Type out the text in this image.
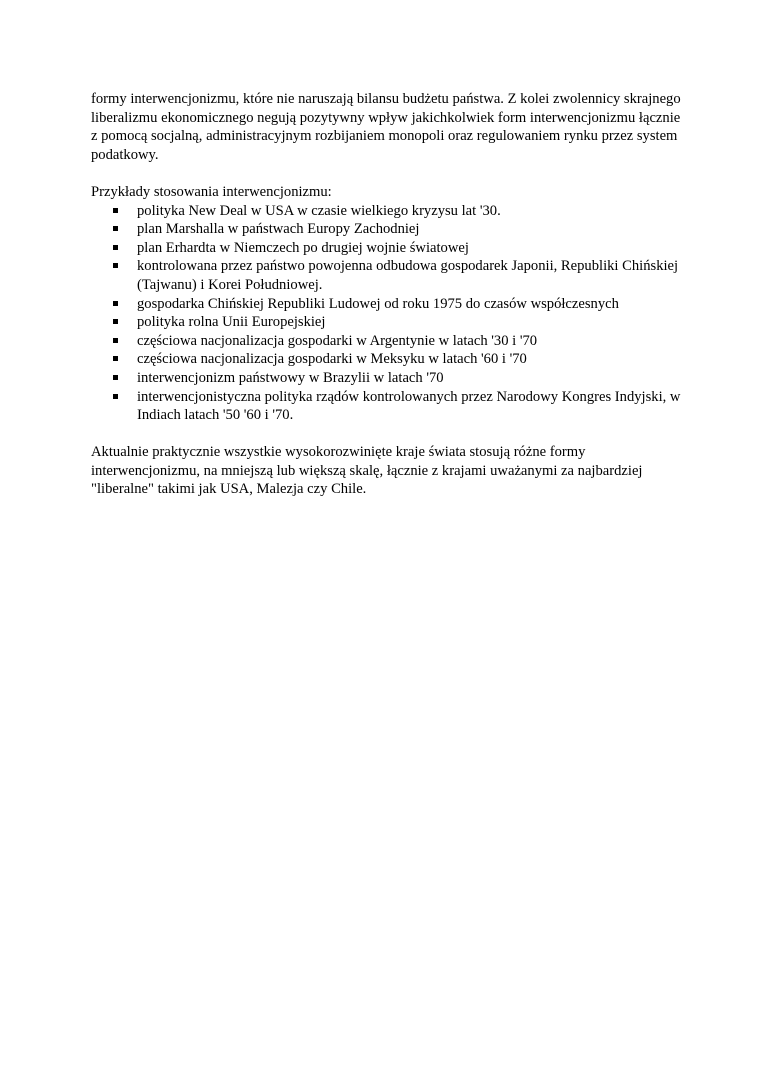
formy interwencjonizmu, które nie naruszają bilansu budżetu państwa. Z kolei zwolennicy skrajnego liberalizmu ekonomicznego negują pozytywny wpływ jakichkolwiek form interwencjonizmu łącznie z pomocą socjalną, administracyjnym rozbijaniem monopoli oraz regulowaniem rynku przez system podatkowy.

Przykłady stosowania interwencjonizmu:

polityka New Deal w USA w czasie wielkiego kryzysu lat '30.
plan Marshalla w państwach Europy Zachodniej
plan Erhardta w Niemczech po drugiej wojnie światowej
kontrolowana przez państwo powojenna odbudowa gospodarek Japonii, Republiki Chińskiej (Tajwanu) i Korei Południowej.
gospodarka Chińskiej Republiki Ludowej od roku 1975 do czasów współczesnych
polityka rolna Unii Europejskiej
częściowa nacjonalizacja gospodarki w Argentynie w latach '30 i '70
częściowa nacjonalizacja gospodarki w Meksyku w latach '60 i '70
interwencjonizm państwowy w Brazylii w latach '70
interwencjonistyczna polityka rządów kontrolowanych przez Narodowy Kongres Indyjski, w Indiach latach '50 '60 i '70.

Aktualnie praktycznie wszystkie wysokorozwinięte kraje świata stosują różne formy interwencjonizmu, na mniejszą lub większą skalę, łącznie z krajami uważanymi za najbardziej "liberalne" takimi jak USA, Malezja czy Chile.
